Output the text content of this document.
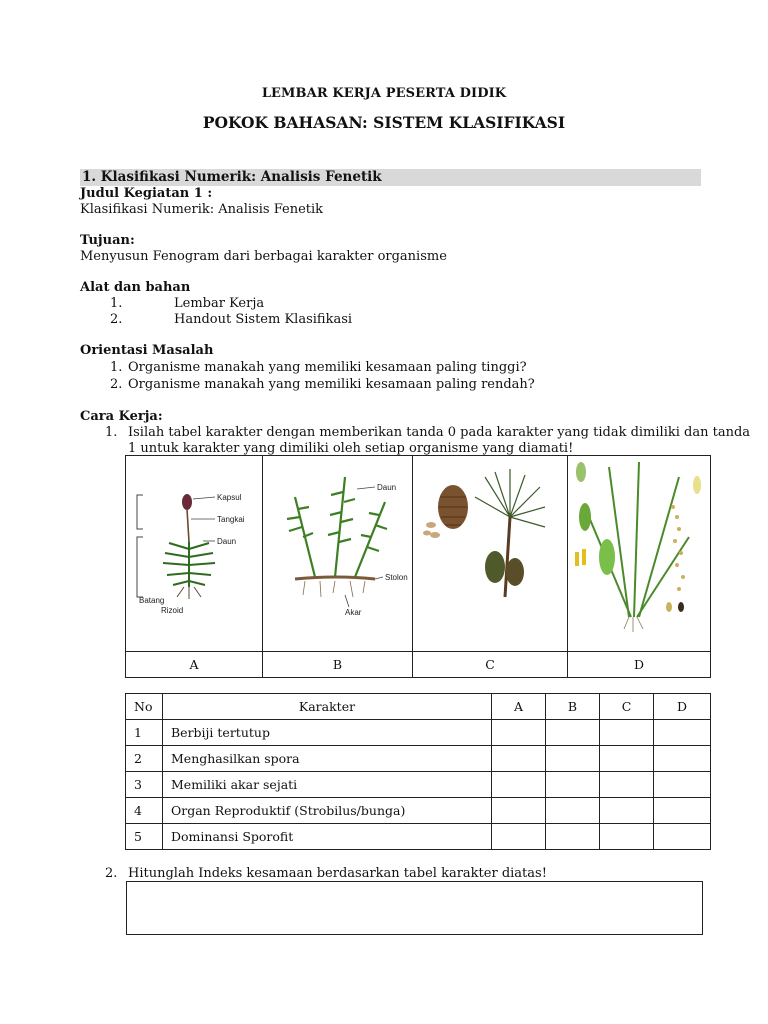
LEMBAR KERJA PESERTA DIDIK
POKOK BAHASAN: SISTEM KLASIFIKASI
1. Klasifikasi Numerik: Analisis Fenetik
Judul Kegiatan 1 :
Klasifikasi Numerik: Analisis Fenetik
Tujuan:
Menyusun Fenogram dari berbagai karakter organisme
Alat dan bahan
1.	Lembar Kerja
2.	Handout Sistem Klasifikasi
Orientasi Masalah
1. Organisme manakah yang memiliki kesamaan paling tinggi?
2. Organisme manakah yang memiliki kesamaan paling rendah?
Cara Kerja:
1. Isilah tabel karakter dengan memberikan tanda 0 pada karakter yang tidak dimiliki dan tanda
1 untuk karakter yang dimiliki oleh setiap organisme yang diamati!
Kapsul
Tangkai
Daun
Batang
Rizoid	Daun
Stolon
Akar

A	B	C	D
No	Karakter	A	B	C	D
1	Berbiji tertutup				
2	Menghasilkan spora				
3	Memiliki akar sejati				
4	Organ Reproduktif (Strobilus/bunga)				
5	Dominansi Sporofit				
2. Hitunglah Indeks kesamaan berdasarkan tabel karakter diatas!
